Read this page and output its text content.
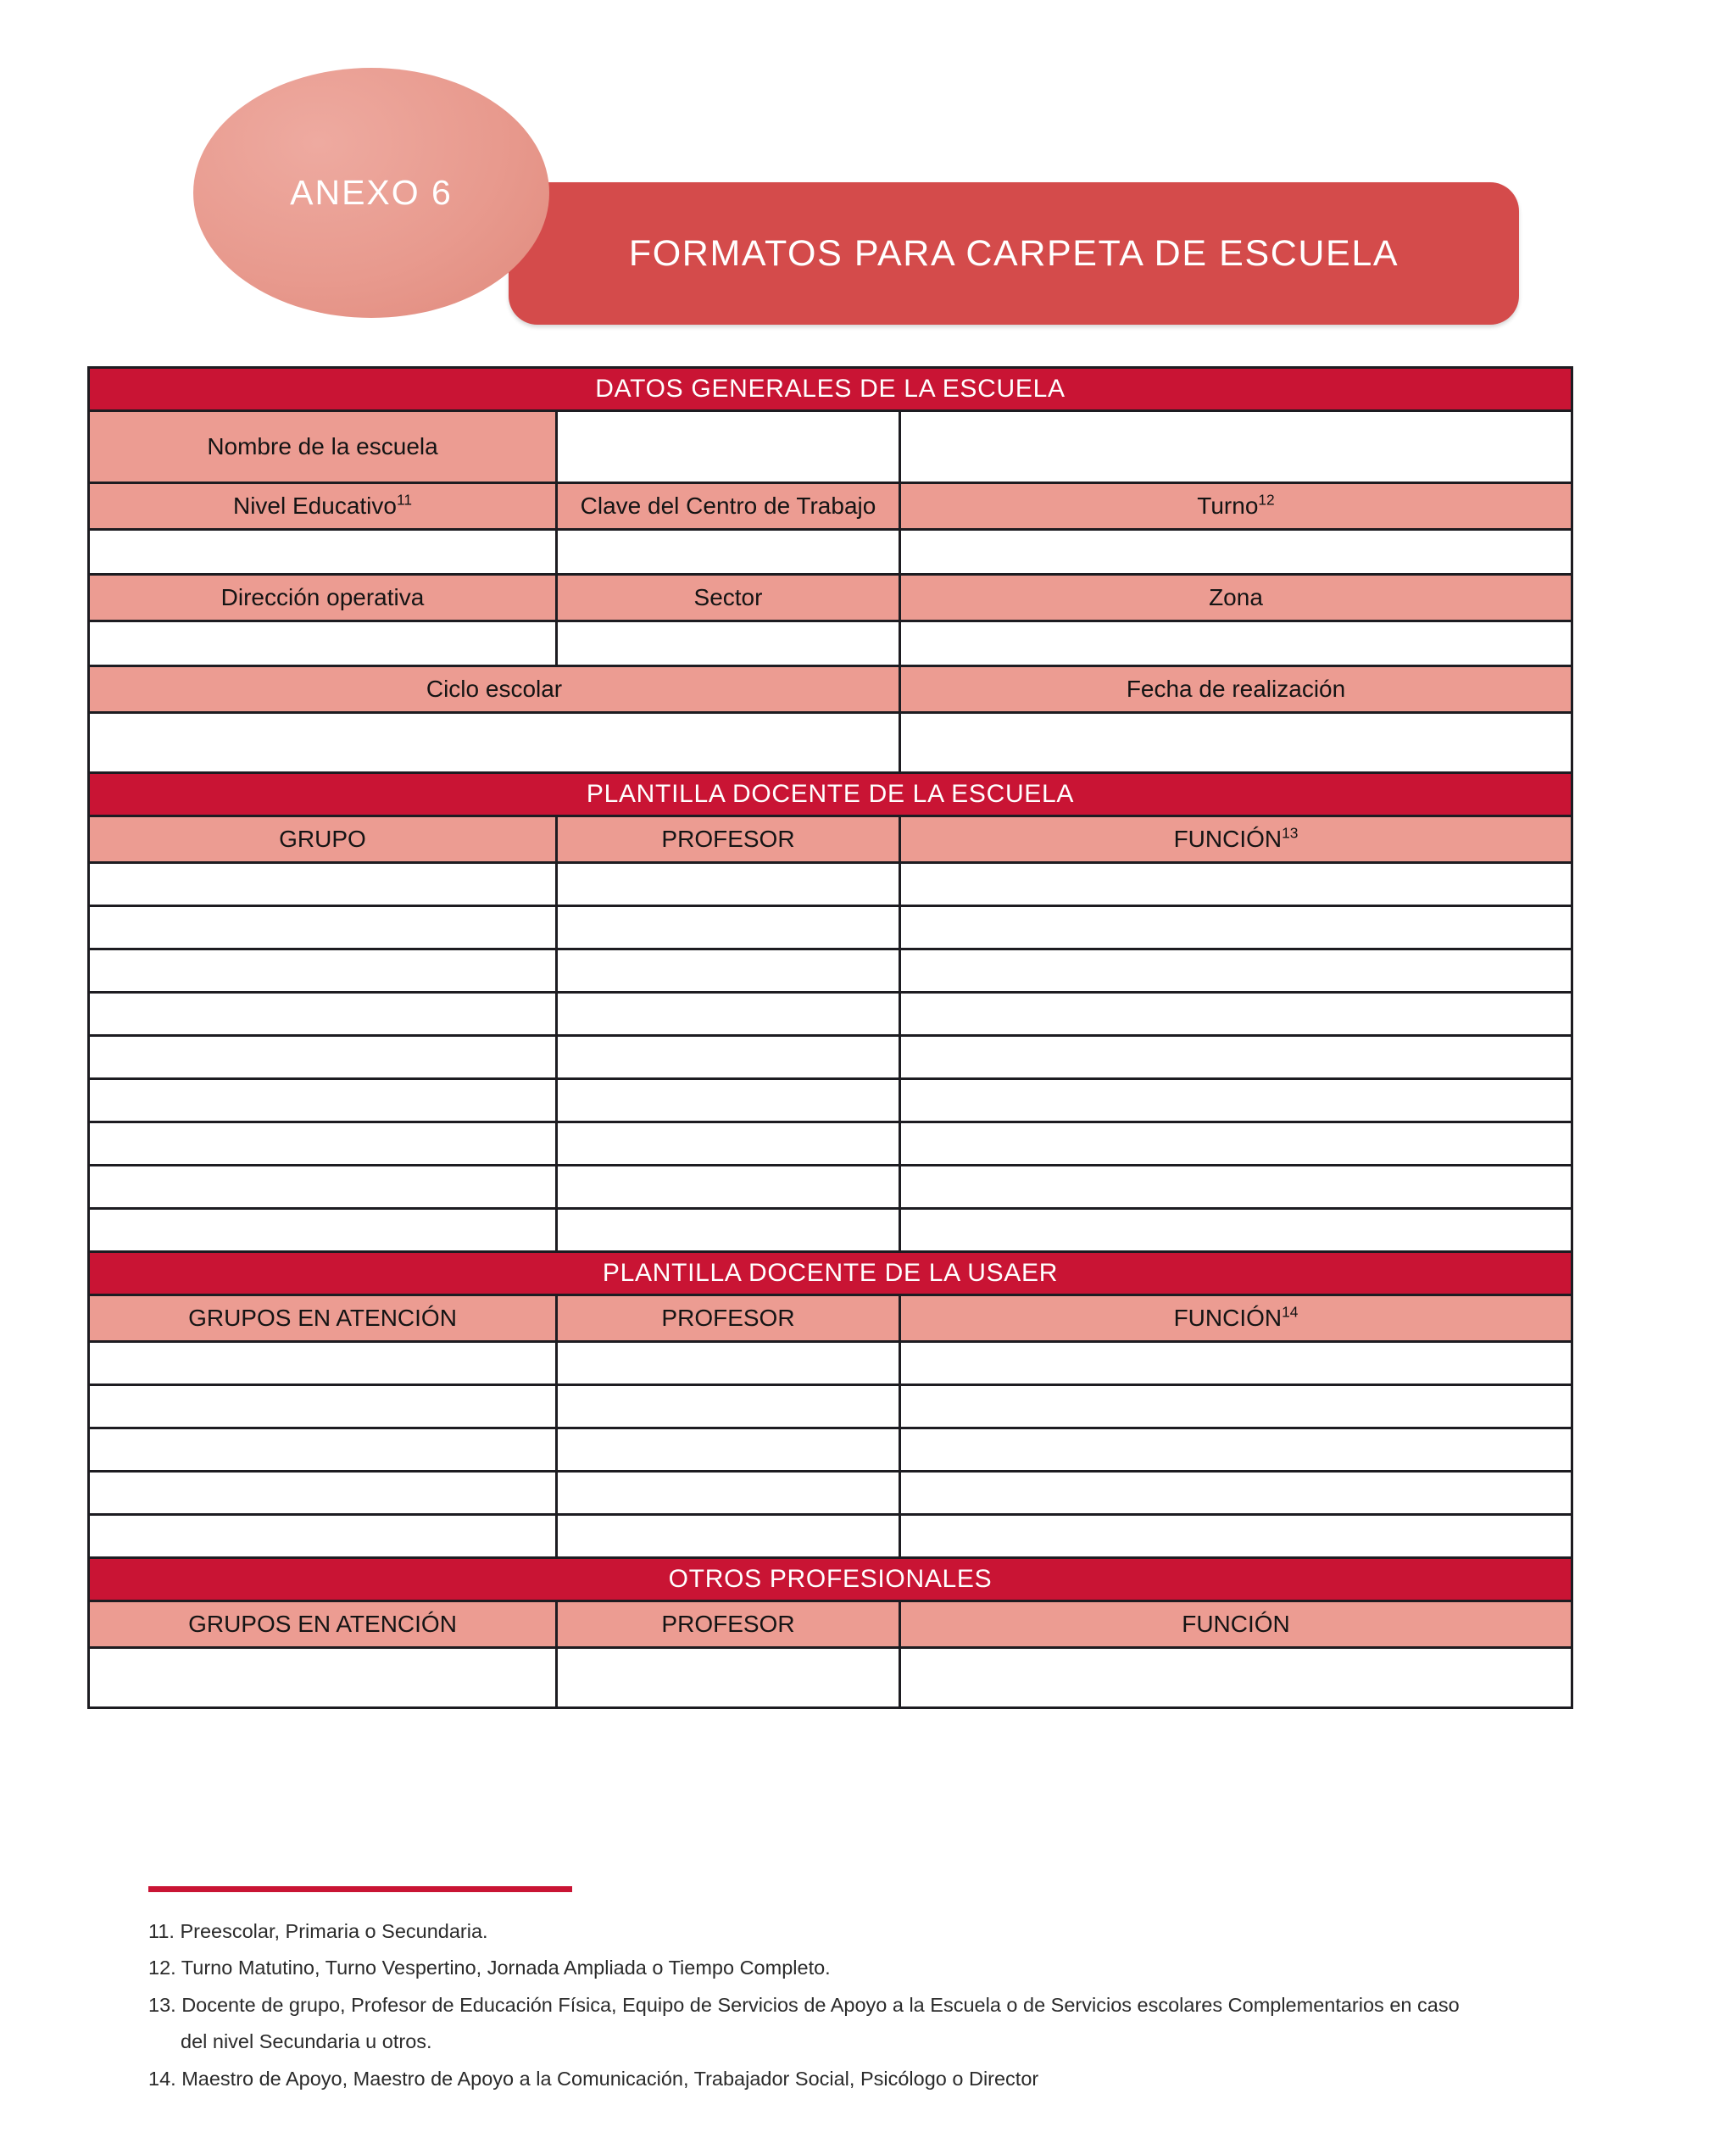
ANEXO 6
FORMATOS PARA CARPETA DE ESCUELA
DATOS GENERALES DE LA ESCUELA		
Nombre de la escuela		
Nivel Educativo$^{11}$	Clave del Centro de Trabajo	Turno$^{12}$

Dirección operativa	Sector	Zona

Ciclo escolar		Fecha de realización

PLANTILLA DOCENTE DE LA ESCUELA		
GRUPO	PROFESOR	FUNCIÓN$^{13}$

PLANTILLA DOCENTE DE LA USAER		
GRUPOS EN ATENCIÓN	PROFESOR	FUNCIÓN$^{14}$

OTROS PROFESIONALES		
GRUPOS EN ATENCIÓN	PROFESOR	FUNCIÓN

11. Preescolar, Primaria o Secundaria.
12. Turno Matutino, Turno Vespertino, Jornada Ampliada o Tiempo Completo.
13. Docente de grupo, Profesor de Educación Física, Equipo de Servicios de Apoyo a la Escuela o de Servicios escolares Complementarios en caso
del nivel Secundaria u otros.
14. Maestro de Apoyo, Maestro de Apoyo a la Comunicación, Trabajador Social, Psicólogo o Director
